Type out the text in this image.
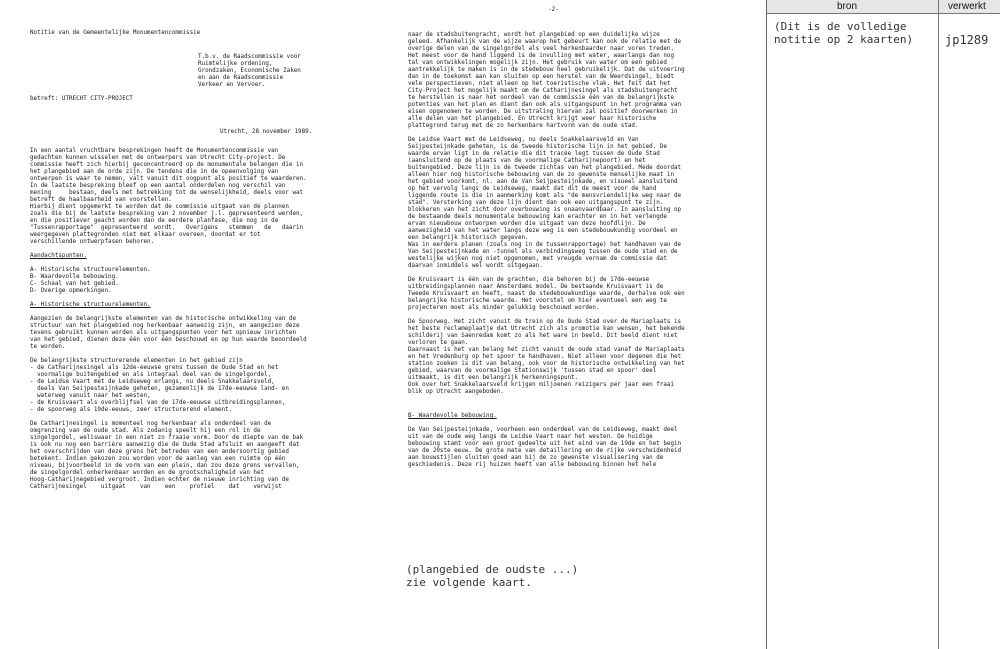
Notitie van de Gemeentelijke Monumentencommissie

T.b.v. de Raadscommissie voor

Ruimtelijke ordening,

Grondzaken, Economische Zaken

en aan de Raadscommissie

Verkeer en Vervoer.

betreft: UTRECHT CITY-PROJECT

Utrecht, 28 november 1989.

In een aantal vruchtbare besprekingen heeft de Monumentencommissie van
gedachten kunnen wisselen met de ontwerpers van Utrecht City-project. De
commissie heeft zich hierbij geconcentreerd op de monumentale belangen die in
het plangebied aan de orde zijn. De tendens die in de opeenvolging van
ontwerpen is waar te nemen, valt vanuit dit oogpunt als positief te waarderen.
In de laatste bespreking bleef op een aantal onderdelen nog verschil van
mening     bestaan, deels met betrekking tot de wenselijkheid, deels voor wat
betreft de haalbaarheid van voorstellen.
Hierbij dient opgemerkt te worden dat de commissie uitgaat van de plannen
zoals die bij de laatste bespreking van 2 november j.l. gepresenteerd werden,
en die positiever geacht worden dan de eerdere planfase, die nog in de
"Tussenrapportage"  gepresenteerd  wordt.   Overigens   stemmen   de   daarin
weergegeven plattegronden niet met elkaar overeen, doordat er tot
verschillende ontwerpfasen behoren.

Aandachtspunten.

A- Historische structuurelementen.

B- Waardevolle bebouwing.

C- Schaal van het gebied.

D- Overige opmerkingen.

A- Historische structuurelementen.

Aangezien de belangrijkste elementen van de historische ontwikkeling van de
structuur van het plangebied nog herkenbaar aanwezig zijn, en aangezien deze
tevens gebruikt kunnen worden als uitgangspunten voor het opnieuw inrichten
van het gebied, dienen deze één voor één beschouwd en op hun waarde beoordeeld
te worden.

De belangrijkste structurerende elementen in het gebied zijn

- de Catharijnesingel als 12de-eeuwse grens tussen de Oude Stad en het
voormalige buitengebied en als integraal deel van de singelgordel,
- de Leidse Vaart met de Leidseweg erlangs, nu deels Snakkelaarsveld,
deels Van Seijpesteijnkade geheten, gezamenlijk de 17de-eeuwse land- en
waterweg vanuit naar het westen,
- de Kruisvaart als overblijfsel van de 17de-eeuwse uitbreidingsplannen,
- de spoorweg als 19de-eeuws, zeer structurerend element.

De Catharijnesingel is momenteel nog herkenbaar als onderdeel van de
omgrenzing van de oude stad. Als zodanig speelt hij een rol in de
singelgordel, weliswaar in een niet zo fraaie vorm. Door de diepte van de bak
is ook nu nog een barrière aanwezig die de Oude Stad afsluit en aangeeft dat
het overschrijden van deze grens het betreden van een andersoortig gebied
betekent. Indien gekozen zou worden voor de aanleg van een ruimte op één
niveau, bijvoorbeeld in de vorm van een plein, dan zou deze grens vervallen,
de singelgordel onherkenbaar worden en de grootschaligheid van het
Hoog-Catharijnegebied vergroot. Indien echter de nieuwe inrichting van de
Catharijnesingel    uitgaat    van    een    profiel    dat    verwijst

-2-

naar de stadsbuitengracht, wordt het plangebied op een duidelijke wijze
geleed. Afhankelijk van de wijze waarop het gebeurt kan ook de relatie met de
overige delen van de singelgordel als veel herkenbaarder naar voren treden.
Het meest voor de hand liggend is de invulling met water, waarlangs dan nog
tal van ontwikkelingen mogelijk zijn. Het gebruik van water om een gebied
aantrekkelijk te maken is in de stedebouw heel gebruikelijk. Dat de uitvoering
dan in de toekomst aan kan sluiten op een herstel van de Weerdsingel, biedt
vele perspectieven, niet alleen op het toeristische vlak. Het feit dat het
City-Project het mogelijk maakt om de Catharijnesingel als stadsbuitengracht
te herstellen is naar het oordeel van de commissie één van de belangrijkste
potenties van het plan en dient dan ook als uitgangspunt in het programma van
eisen opgenomen te worden. De uitstraling hiervan zal positief doorwerken in
alle delen van het plangebied. En Utrecht krijgt weer haar historische
plattegrond terug met de zo herkenbare hartvorm van de oude stad.

De Leidse Vaart met de Leidseweg, nu deels Snakkelaarsveld en Van
Seijpesteijnkade geheten, is de tweede historische lijn in het gebied. De
waarde ervan ligt in de relatie die dit tracée legt tussen de Oude Stad
(aansluitend op de plaats van de voormalige Catharijnepoort) en het
buitengebied. Deze lijn is de tweede zichtas van het plangebied. Mede doordat
alleen hier nog historische bebouwing van de zo gewenste menselijke maat in
het gebied voorkomt, nl. aan de Van Seijpesteijnkade, en visueel aansluitend
op het vervolg langs de Leidseweg, maakt dat dit de meest voor de hand
liggende route is die in aanmerking komt als "de mensvriendelijke weg naar de
stad". Versterking van deze lijn dient dan ook een uitgangspunt te zijn.
blokkeren van het zicht door overbouwing is onaanvaardbaar. In aansluiting op
de bestaande deels monumentale bebouwing kan erachter en in het verlengde
ervan nieuwbouw ontworpen worden die uitgaat van deze hoofdlijn. De
aanwezigheid van het water langs deze weg is een stedebouwkundig voordeel en
een belangrijk historisch gegeven.
Was in eerdere planen (zoals nog in de tussenrapportage) het handhaven van de
Van Seijpesteijnkade en -tunnel als verbindingsweg tussen de oude stad en de
westelijke wijken nog niet opgenomen, met vreugde vernam de commissie dat
daarvan inmiddels wel wordt uitgegaan.

De Kruisvaart is één van de grachten, die behoren bij de 17de-eeuwse
uitbreidingsplannen naar Amsterdams model. De bestaande Kruisvaart is de
Tweede Kruisvaart en heeft, naast de stedebouwkundige waarde, derhalve ook een
belangrijke historische waarde. Het voorstel om hier eventueel een weg te
projecteren moet als minder gelukkig beschouwd worden.

De Spoorweg. Het zicht vanuit de trein op de Oude Stad over de Mariaplaats is
het beste reclameplaatje dat Utrecht zich als promotie kan wensen, het bekende
schilderij van Saenredam komt zo als het ware in beeld. Dit beeld dient niet
verloren te gaan.
Daarnaast is het van belang het zicht vanuit de oude stad vanaf de Mariaplaats
en het Vredenburg op het spoor te handhaven. Niet alleen voor degenen die het
station zoeken is dit van belang, ook voor de historische ontwikkeling van het
gebied, waarvan de voormalige Stationswijk 'tussen stad en spoor' deel
uitmaakt, is dit een belangrijk herkenningspunt.
Ook over het Snakkelaarsveld krijgen miljoenen reizigers per jaar een fraai
blik op Utrecht aangeboden.

B- Waardevolle bebouwing.

De Van Seijpesteijnkade, voorheen een onderdeel van de Leidseweg, maakt deel
uit van de oude weg langs de Leidse Vaart naar het westen. De huidige
bebouwing stamt voor een groot gedeelte uit het eind van de 19de en het begin
van de 20ste eeuw. De grote mate van detaillering en de rijke verscheidenheid
aan bouwstijlen sluiten goed aan bij de zo gewenste visualisering van de
geschiedenis. Deze rij huizen heeft van alle bebouwing binnen het hele

(plangebied de oudste ...)

zie volgende kaart.

bron	verwerkt

(Dit is de volledige notitie op 2 kaarten)	jp1289
